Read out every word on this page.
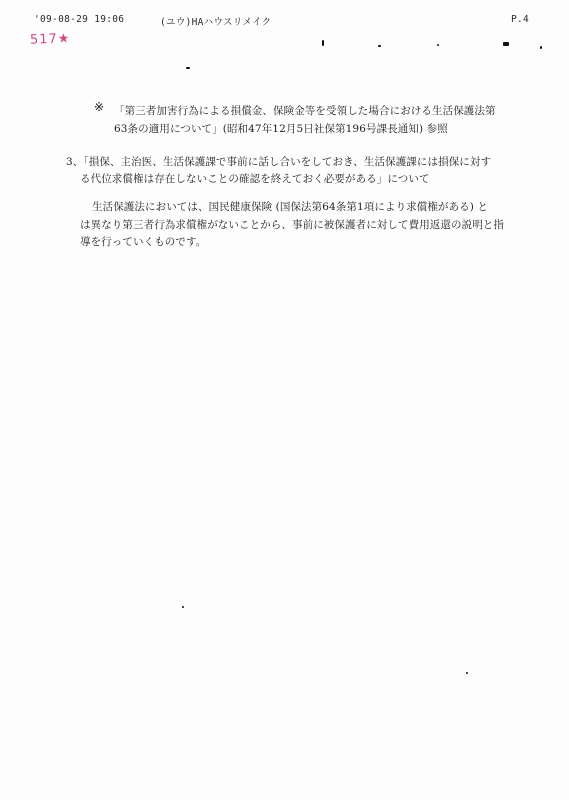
'09-08-29 19:06	(ユウ)HAハウスリメイク	P.4
517★
※ 「第三者加害行為による損償金、保険金等を受領した場合における生活保護法第
63条の適用について」(昭和47年12月5日社保第196号課長通知) 参照
3、「損保、主治医、生活保護課で事前に話し合いをしておき、生活保護課には損保に対す
る代位求償権は存在しないことの確認を終えておく必要がある」について
生活保護法においては、国民健康保険 (国保法第64条第1項により求償権がある) と
は異なり第三者行為求償権がないことから、事前に被保護者に対して費用返還の説明と指
導を行っていくものです。
